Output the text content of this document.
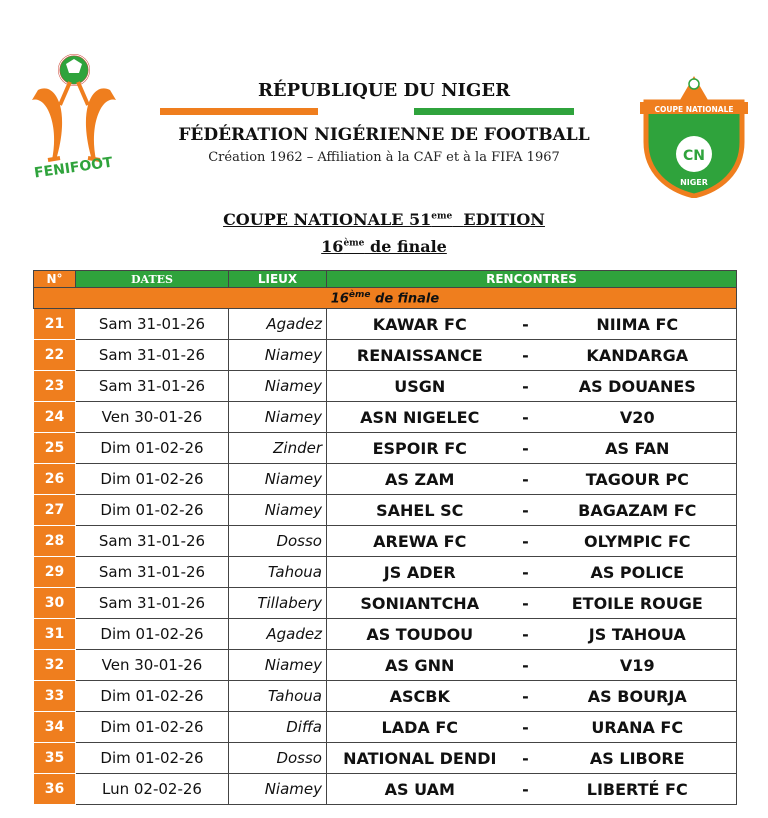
FENIFOOT
COUPE NATIONALE
CN
NIGER
RÉPUBLIQUE DU NIGER
FÉDÉRATION NIGÉRIENNE DE FOOTBALL
Création 1962 – Affiliation à la CAF et à la FIFA 1967
COUPE NATIONALE 51eme EDITION
16ème de finale
N°	DATES	LIEUX	RENCONTRES		
16ème de finale					
21	Sam 31-01-26	Agadez	KAWAR FC	-	NIIMA FC
22	Sam 31-01-26	Niamey	RENAISSANCE	-	KANDARGA
23	Sam 31-01-26	Niamey	USGN	-	AS DOUANES
24	Ven 30-01-26	Niamey	ASN NIGELEC	-	V20
25	Dim 01-02-26	Zinder	ESPOIR FC	-	AS FAN
26	Dim 01-02-26	Niamey	AS ZAM	-	TAGOUR PC
27	Dim 01-02-26	Niamey	SAHEL SC	-	BAGAZAM FC
28	Sam 31-01-26	Dosso	AREWA FC	-	OLYMPIC FC
29	Sam 31-01-26	Tahoua	JS ADER	-	AS POLICE
30	Sam 31-01-26	Tillabery	SONIANTCHA	-	ETOILE ROUGE
31	Dim 01-02-26	Agadez	AS TOUDOU	-	JS TAHOUA
32	Ven 30-01-26	Niamey	AS GNN	-	V19
33	Dim 01-02-26	Tahoua	ASCBK	-	AS BOURJA
34	Dim 01-02-26	Diffa	LADA FC	-	URANA FC
35	Dim 01-02-26	Dosso	NATIONAL DENDI	-	AS LIBORE
36	Lun 02-02-26	Niamey	AS UAM	-	LIBERTÉ FC
